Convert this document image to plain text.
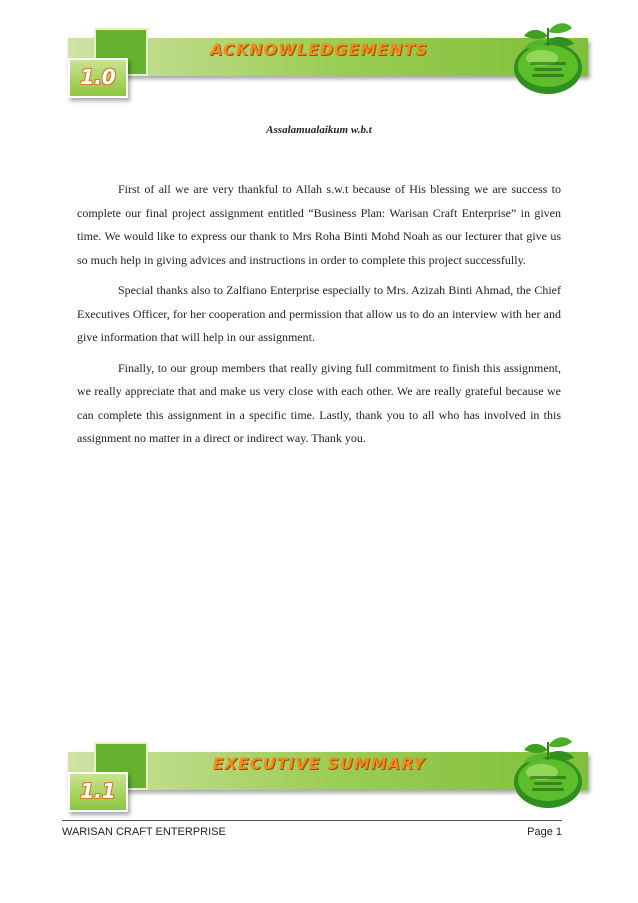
1.0
ACKNOWLEDGEMENTS
Assalamualaikum w.b.t

First of all we are very thankful to Allah s.w.t because of His blessing we are success to complete our final project assignment entitled “Business Plan: Warisan Craft Enterprise” in given time. We would like to express our thank to Mrs Roha Binti Mohd Noah as our lecturer that give us so much help in giving advices and instructions in order to complete this project successfully.

Special thanks also to Zalfiano Enterprise especially to Mrs. Azizah Binti Ahmad, the Chief Executives Officer, for her cooperation and permission that allow us to do an interview with her and give information that will help in our assignment.

Finally, to our group members that really giving full commitment to finish this assignment, we really appreciate that and make us very close with each other. We are really grateful because we can complete this assignment in a specific time. Lastly, thank you to all who has involved in this assignment no matter in a direct or indirect way. Thank you.

1.1
EXECUTIVE SUMMARY
WARISAN CRAFT ENTERPRISE	Page 1
